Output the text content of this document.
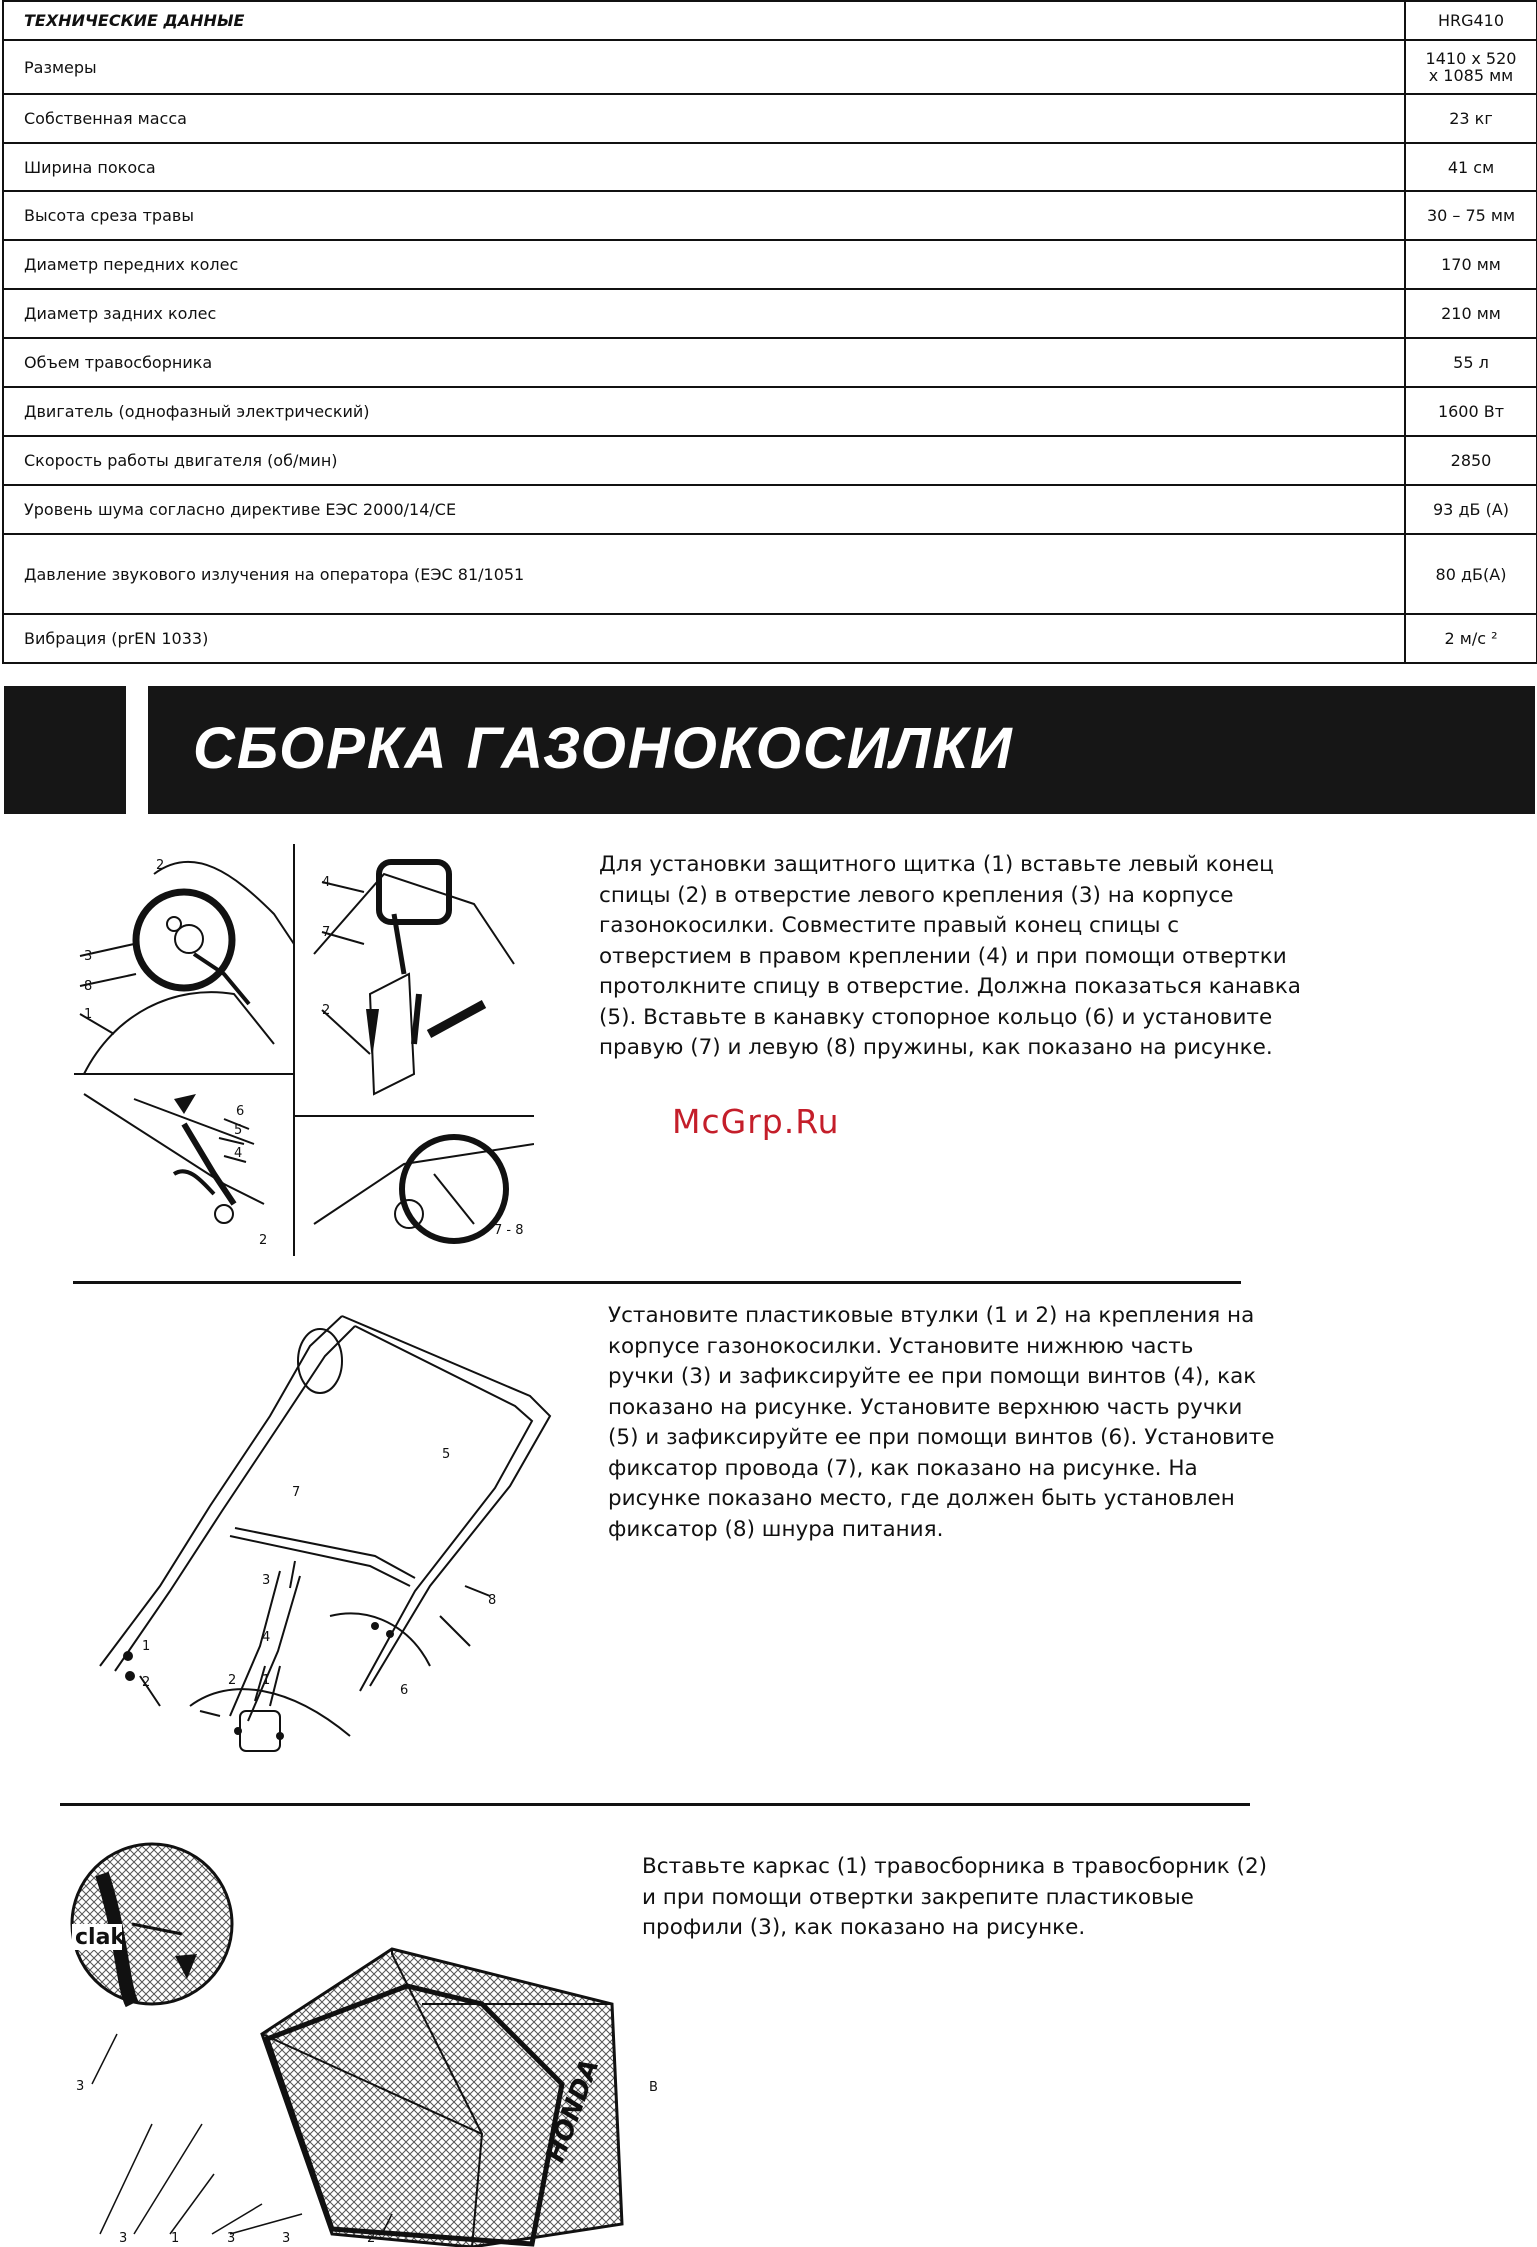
ТЕХНИЧЕСКИЕ ДАННЫЕ	HRG410
Размеры	1410 x 520
x 1085 мм
Собственная масса	23 кг
Ширина покоса	41 см
Высота среза травы	30 – 75 мм
Диаметр передних колес	170 мм
Диаметр задних колес	210 мм
Объем травосборника	55 л
Двигатель (однофазный электрический)	1600 Вт
Скорость работы двигателя (об/мин)	2850
Уровень шума согласно директиве ЕЭС 2000/14/CE	93 дБ (A)
Давление звукового излучения на оператора (ЕЭС 81/1051	80 дБ(A)
Вибрация (prEN 1033)	2 м/с ²
СБОРКА ГАЗОНОКОСИЛКИ
2
3
8
1
4
7
2
6
5
4
2
7 - 8

Для установки защитного щитка (1) вставьте левый конец
спицы (2) в отверстие левого крепления (3) на корпусе
газонокосилки. Совместите правый конец спицы с
отверстием в правом креплении (4) и при помощи отвертки
протолкните спицу в отверстие. Должна показаться канавка
(5). Вставьте в канавку стопорное кольцо (6) и установите
правую (7) и левую (8) пружины, как показано на рисунке.

McGrp.Ru
5
7
3
8
4
1
2	2 1
6

Установите пластиковые втулки (1 и 2) на крепления на
корпусе газонокосилки. Установите нижнюю часть
ручки (3) и зафиксируйте ее при помощи винтов (4), как
показано на рисунке. Установите верхнюю часть ручки
(5) и зафиксируйте ее при помощи винтов (6). Установите
фиксатор провода (7), как показано на рисунке. На
рисунке показано место, где должен быть установлен
фиксатор (8) шнура питания.

clak
3	HONDA
3	1	3	3	2
B

Вставьте каркас (1) травосборника в травосборник (2)
и при помощи отвертки закрепите пластиковые
профили (3), как показано на рисунке.
